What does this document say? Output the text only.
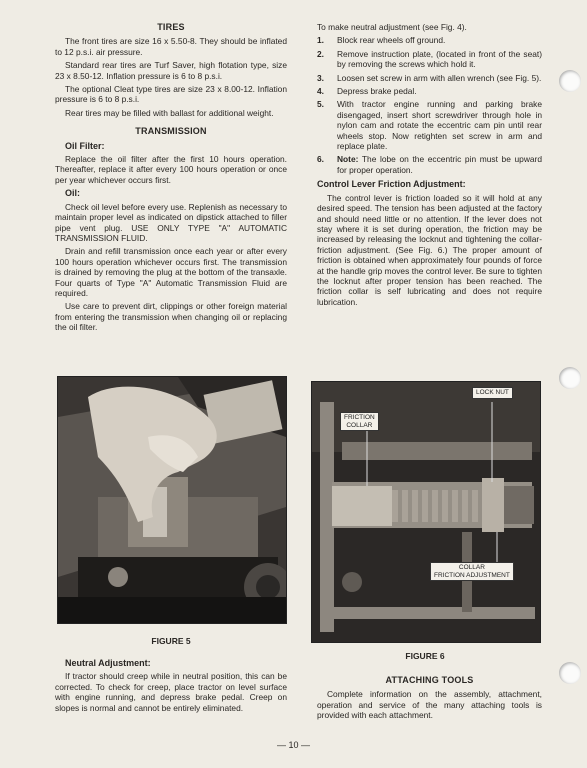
TIRES

The front tires are size 16 x 5.50-8. They should be inflated to 12 p.s.i. air pressure.

Standard rear tires are Turf Saver, high flotation type, size 23 x 8.50-12. Inflation pressure is 6 to 8 p.s.i.

The optional Cleat type tires are size 23 x 8.00-12. Inflation pressure is 6 to 8 p.s.i.

Rear tires may be filled with ballast for additional weight.

TRANSMISSION
Oil Filter:

Replace the oil filter after the first 10 hours operation. Thereafter, replace it after every 100 hours operation or once per year whichever occurs first.

Oil:

Check oil level before every use. Replenish as necessary to maintain proper level as indicated on dipstick attached to filler pipe vent plug. USE ONLY TYPE "A" AUTOMATIC TRANSMISSION FLUID.

Drain and refill transmission once each year or after every 100 hours operation whichever occurs first. The transmission is drained by removing the plug at the bottom of the transaxle. Four quarts of Type "A" Automatic Transmission Fluid are required.

Use care to prevent dirt, clippings or other foreign material from entering the transmission when changing oil or replacing the oil filter.

FIGURE 5
Neutral Adjustment:

If tractor should creep while in neutral position, this can be corrected. To check for creep, place tractor on level surface with engine running, and depress brake pedal. Creep on slopes is normal and cannot be entirely eliminated.

To make neutral adjustment (see Fig. 4).

1. Block rear wheels off ground.
2. Remove instruction plate, (located in front of the seat) by removing the screws which hold it.
3. Loosen set screw in arm with allen wrench (see Fig. 5).
4. Depress brake pedal.
5. With tractor engine running and parking brake disengaged, insert short screwdriver through hole in nylon cam and rotate the eccentric cam pin until rear wheels stop. Now retighten set screw in arm and replace plate.
6. Note: The lobe on the eccentric pin must be upward for proper operation.
Control Lever Friction Adjustment:

The control lever is friction loaded so it will hold at any desired speed. The tension has been adjusted at the factory and should need little or no attention. If the lever does not stay where it is set during operation, the friction may be increased by releasing the locknut and tightening the collar-friction adjustment. (See Fig. 6.) The proper amount of friction is obtained when approximately four pounds of force at the handle grip moves the control lever. Be sure to tighten the locknut after proper tension has been reached. The friction collar is self lubricating and does not require lubrication.

LOCK NUT
FRICTION
COLLAR
COLLAR
FRICTION ADJUSTMENT
FIGURE 6
ATTACHING TOOLS

Complete information on the assembly, attachment, operation and service of the many attaching tools is provided with each attachment.

— 10 —
